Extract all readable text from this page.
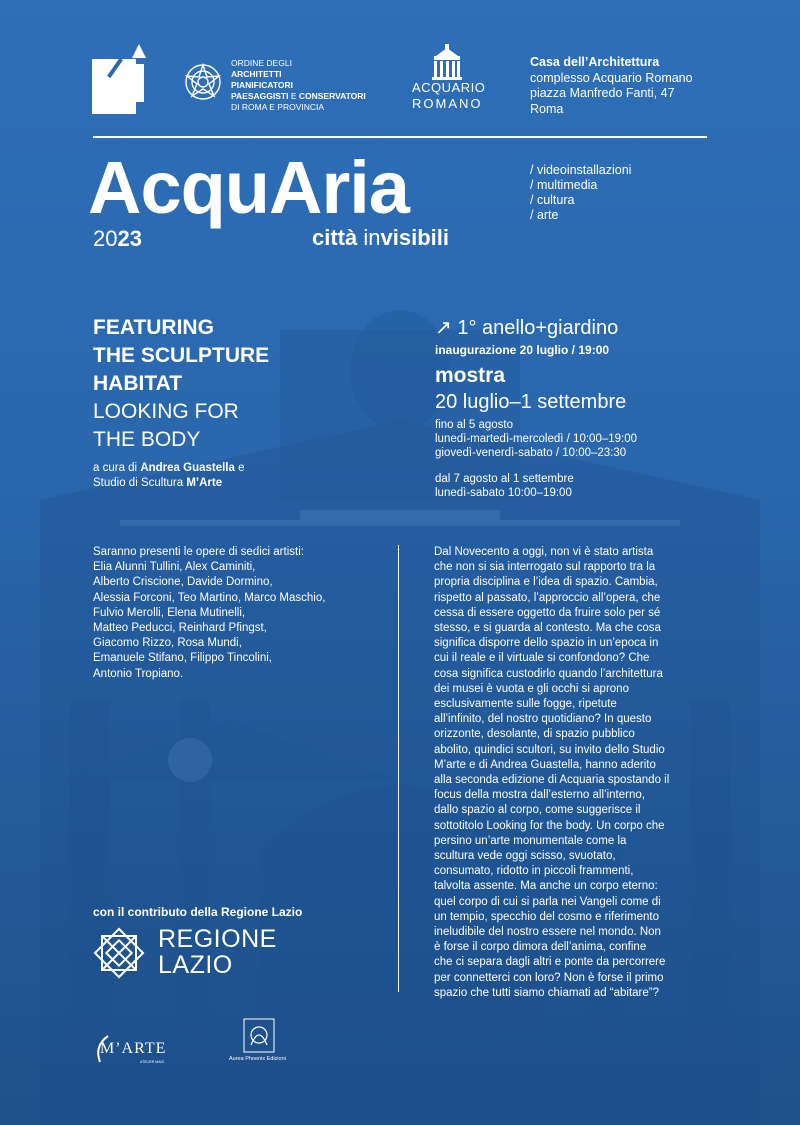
ORDINE DEGLI
ARCHITETTI
PIANIFICATORI
PAESAGGISTI E CONSERVATORI
DI ROMA E PROVINCIA
ACQUARIO
ROMANO
Casa dell’Architettura
complesso Acquario Romano
piazza Manfredo Fanti, 47
Roma
AcquAria
2023	città invisibili
/ videoinstallazioni
/ multimedia
/ cultura
/ arte
FEATURING
THE SCULPTURE
HABITAT
LOOKING FOR
THE BODY
a cura di Andrea Guastella e
Studio di Scultura M’Arte
↗ 1° anello+giardino
inaugurazione 20 luglio / 19:00
mostra
20 luglio–1 settembre
fino al 5 agosto
lunedì-martedì-mercoledì / 10:00–19:00
giovedì-venerdì-sabato / 10:00–23:30
dal 7 agosto al 1 settembre
lunedì-sabato 10:00–19:00
Saranno presenti le opere di sedici artisti:
Elia Alunni Tullini, Alex Caminiti,
Alberto Criscione, Davide Dormino,
Alessia Forconi, Teo Martino, Marco Maschio,
Fulvio Merolli, Elena Mutinelli,
Matteo Peducci, Reinhard Pfingst,
Giacomo Rizzo, Rosa Mundi,
Emanuele Stifano, Filippo Tincolini,
Antonio Tropiano.
Dal Novecento a oggi, non vi è stato artista
che non si sia interrogato sul rapporto tra la
propria disciplina e l’idea di spazio. Cambia,
rispetto al passato, l’approccio all’opera, che
cessa di essere oggetto da fruire solo per sé
stesso, e si guarda al contesto. Ma che cosa
significa disporre dello spazio in un’epoca in
cui il reale e il virtuale si confondono? Che
cosa significa custodirlo quando l’architettura
dei musei è vuota e gli occhi si aprono
esclusivamente sulle fogge, ripetute
all’infinito, del nostro quotidiano? In questo
orizzonte, desolante, di spazio pubblico
abolito, quindici scultori, su invito dello Studio
M’arte e di Andrea Guastella, hanno aderito
alla seconda edizione di Acquaria spostando il
focus della mostra dall’esterno all’interno,
dallo spazio al corpo, come suggerisce il
sottotitolo Looking for the body. Un corpo che
persino un’arte monumentale come la
scultura vede oggi scisso, svuotato,
consumato, ridotto in piccoli frammenti,
talvolta assente. Ma anche un corpo eterno:
quel corpo di cui si parla nei Vangeli come di
un tempio, specchio del cosmo e riferimento
ineludibile del nostro essere nel mondo. Non
è forse il corpo dimora dell’anima, confine
che ci separa dagli altri e ponte da percorrere
per connetterci con loro? Non è forse il primo
spazio che tutti siamo chiamati ad “abitare”?
con il contributo della Regione Lazio
REGIONE
LAZIO
M’ARTE
ATELIER MAGI	Aurea Phoenix Edizioni
